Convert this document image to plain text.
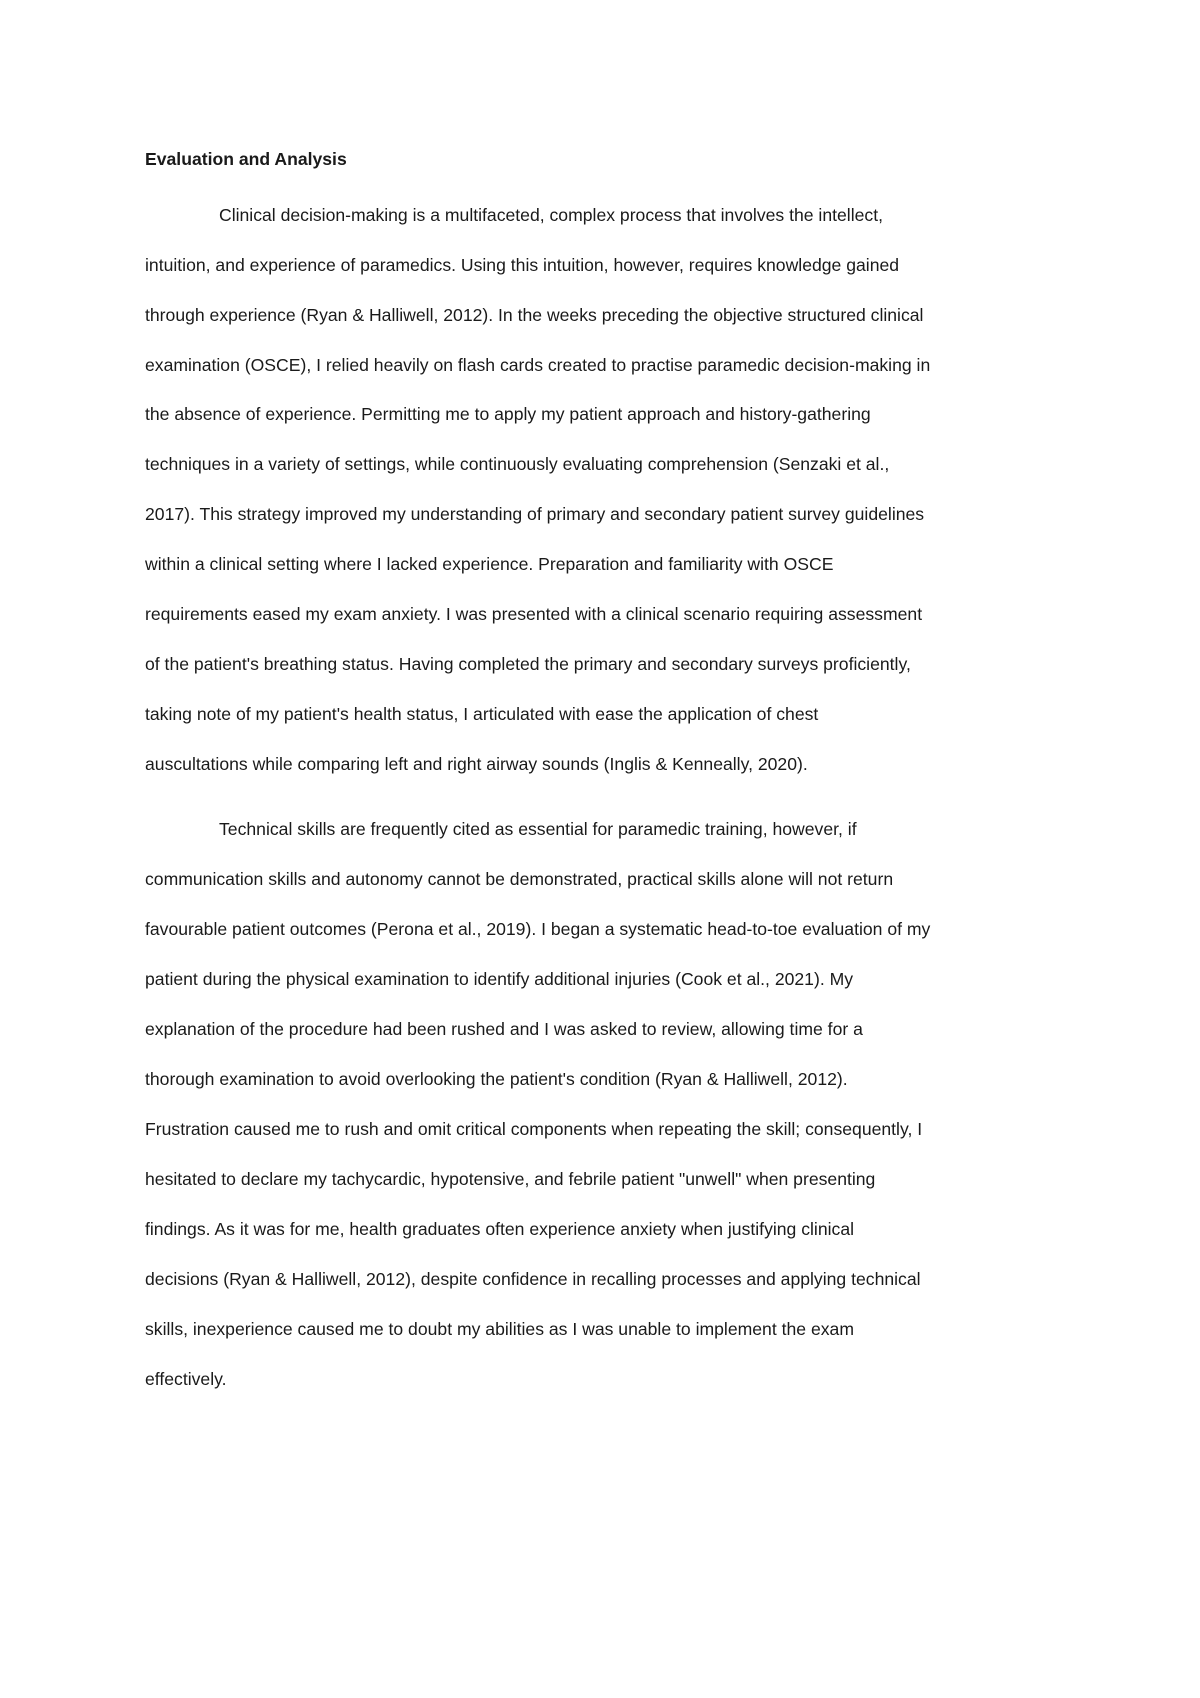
Evaluation and Analysis
Clinical decision-making is a multifaceted, complex process that involves the intellect,
intuition, and experience of paramedics. Using this intuition, however, requires knowledge gained
through experience (Ryan & Halliwell, 2012). In the weeks preceding the objective structured clinical
examination (OSCE), I relied heavily on flash cards created to practise paramedic decision-making in
the absence of experience. Permitting me to apply my patient approach and history-gathering
techniques in a variety of settings, while continuously evaluating comprehension (Senzaki et al.,
2017). This strategy improved my understanding of primary and secondary patient survey guidelines
within a clinical setting where I lacked experience. Preparation and familiarity with OSCE
requirements eased my exam anxiety. I was presented with a clinical scenario requiring assessment
of the patient's breathing status. Having completed the primary and secondary surveys proficiently,
taking note of my patient's health status, I articulated with ease the application of chest
auscultations while comparing left and right airway sounds (Inglis & Kenneally, 2020).
Technical skills are frequently cited as essential for paramedic training, however, if
communication skills and autonomy cannot be demonstrated, practical skills alone will not return
favourable patient outcomes (Perona et al., 2019). I began a systematic head-to-toe evaluation of my
patient during the physical examination to identify additional injuries (Cook et al., 2021). My
explanation of the procedure had been rushed and I was asked to review, allowing time for a
thorough examination to avoid overlooking the patient's condition (Ryan & Halliwell, 2012).
Frustration caused me to rush and omit critical components when repeating the skill; consequently, I
hesitated to declare my tachycardic, hypotensive, and febrile patient "unwell" when presenting
findings. As it was for me, health graduates often experience anxiety when justifying clinical
decisions (Ryan & Halliwell, 2012), despite confidence in recalling processes and applying technical
skills, inexperience caused me to doubt my abilities as I was unable to implement the exam
effectively.
